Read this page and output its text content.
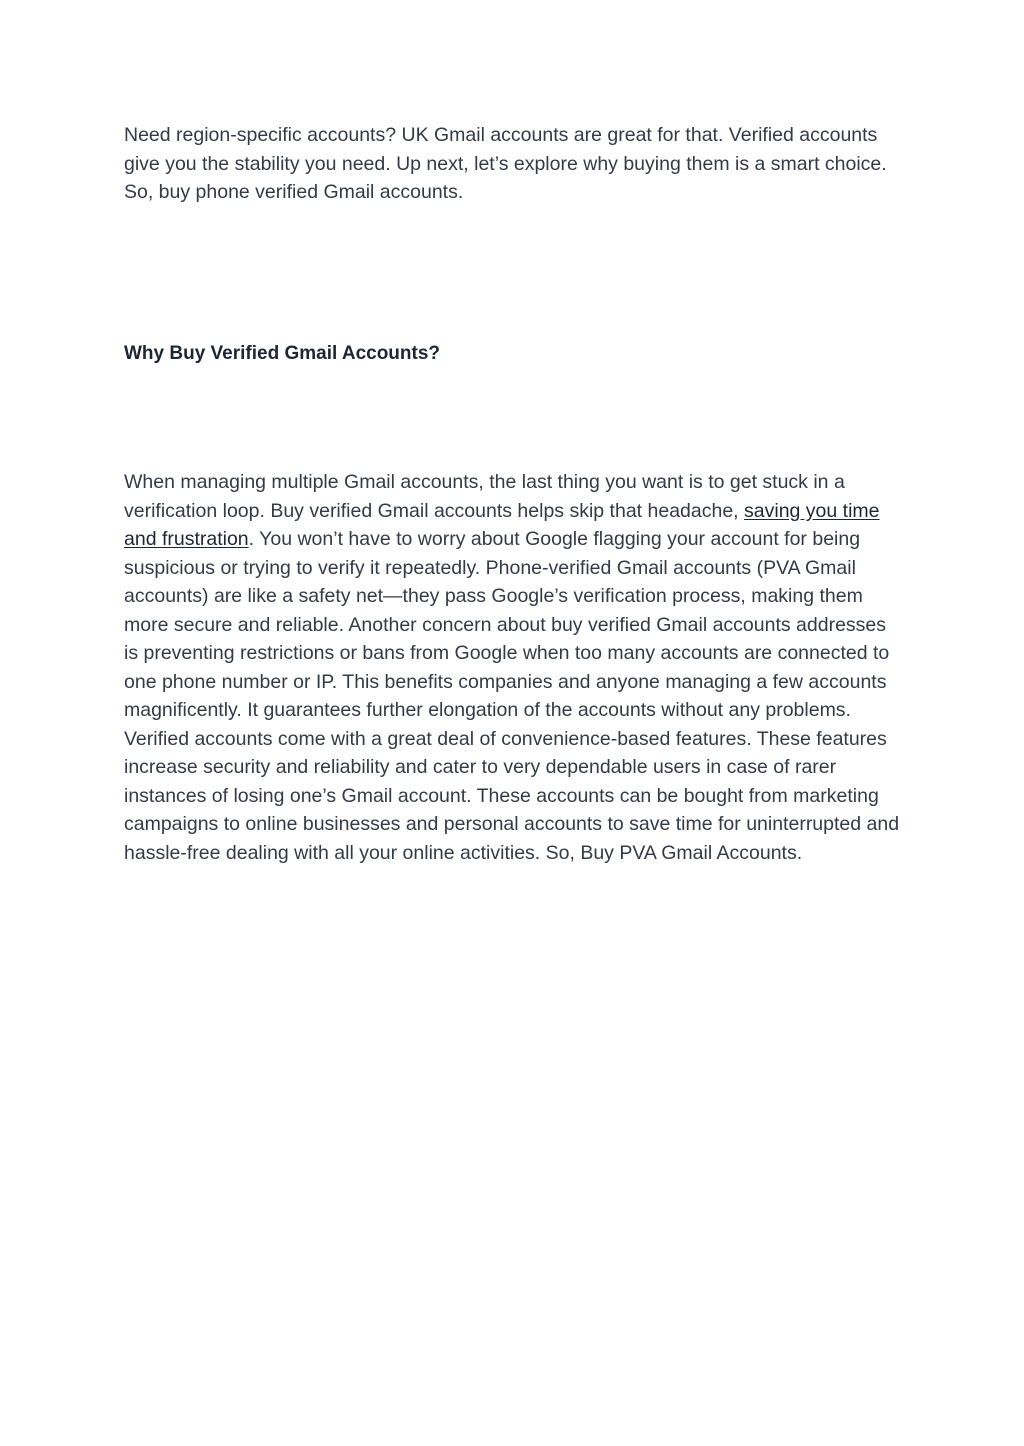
Need region-specific accounts? UK Gmail accounts are great for that. Verified accounts give you the stability you need. Up next, let’s explore why buying them is a smart choice. So, buy phone verified Gmail accounts.

Why Buy Verified Gmail Accounts?

When managing multiple Gmail accounts, the last thing you want is to get stuck in a verification loop. Buy verified Gmail accounts helps skip that headache, saving you time and frustration. You won’t have to worry about Google flagging your account for being suspicious or trying to verify it repeatedly. Phone-verified Gmail accounts (PVA Gmail accounts) are like a safety net—they pass Google’s verification process, making them more secure and reliable. Another concern about buy verified Gmail accounts addresses is preventing restrictions or bans from Google when too many accounts are connected to one phone number or IP. This benefits companies and anyone managing a few accounts magnificently. It guarantees further elongation of the accounts without any problems. Verified accounts come with a great deal of convenience-based features. These features increase security and reliability and cater to very dependable users in case of rarer instances of losing one’s Gmail account. These accounts can be bought from marketing campaigns to online businesses and personal accounts to save time for uninterrupted and hassle-free dealing with all your online activities. So, Buy PVA Gmail Accounts.
